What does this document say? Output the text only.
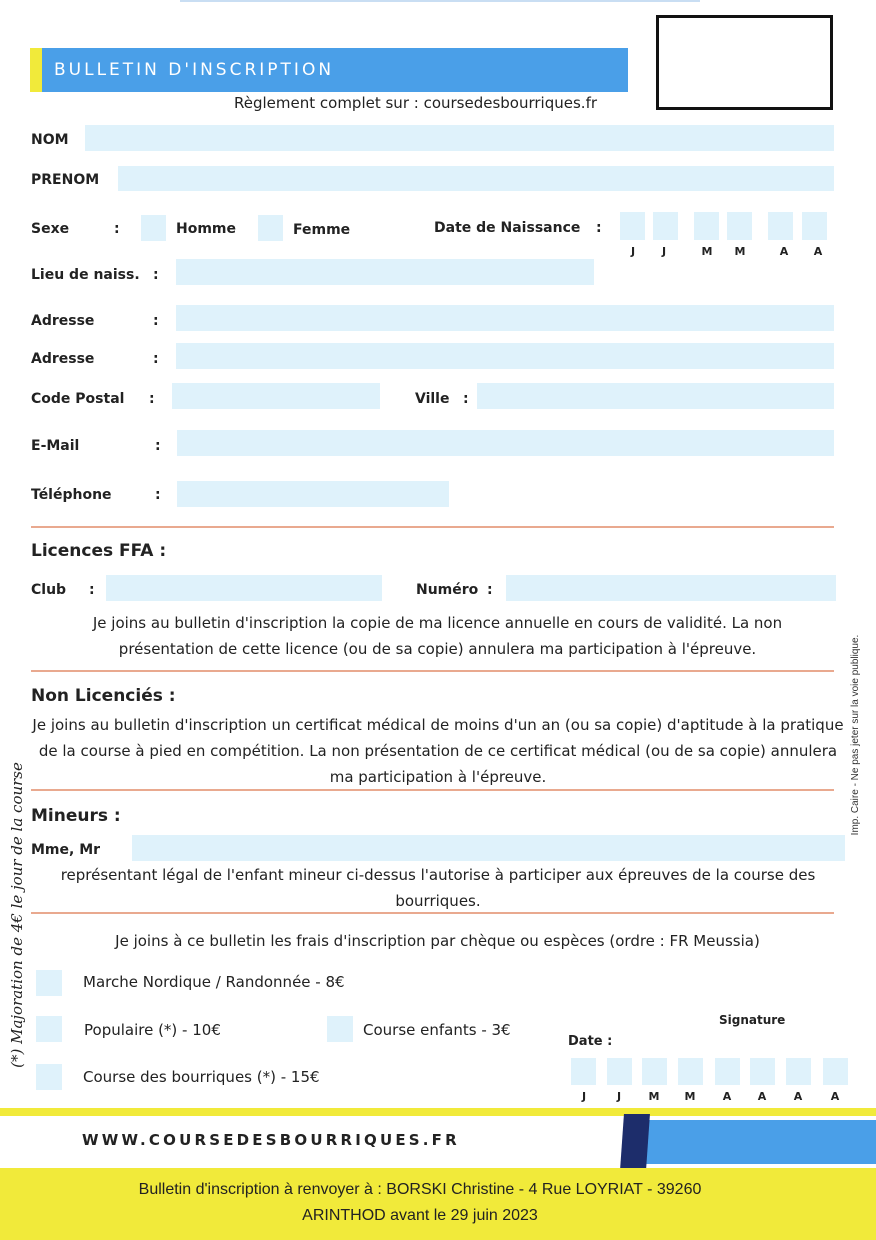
BULLETIN D'INSCRIPTION
Règlement complet sur : coursedesbourriques.fr
NOM
PRENOM
Sexe	:	Homme	Femme	Date de Naissance :
J	J	M	M	A	A
Lieu de naiss. :
Adresse	:
Adresse	:
Code Postal :	Ville :
E-Mail	:
Téléphone	:
Licences FFA :
Club :	Numéro :
Je joins au bulletin d'inscription la copie de ma licence annuelle en cours de validité. La non présentation de cette licence (ou de sa copie) annulera ma participation à l'épreuve.
Non Licenciés :
Je joins au bulletin d'inscription un certificat médical de moins d'un an (ou sa copie) d'aptitude à la pratique de la course à pied en compétition. La non présentation de ce certificat médical (ou de sa copie) annulera ma participation à l'épreuve.
Mineurs :
Mme, Mr
représentant légal de l'enfant mineur ci-dessus l'autorise à participer aux épreuves de la course des bourriques.
Je joins à ce bulletin les frais d'inscription par chèque ou espèces (ordre : FR Meussia)
Marche Nordique / Randonnée - 8€
Populaire (*) - 10€	Course enfants - 3€
Course des bourriques (*) - 15€
Signature
Date :
J	J	M	M	A	A	A	A
(*) Majoration de 4€ le jour de la course
Imp. Caire - Ne pas jeter sur la voie publique.
WWW.COURSEDESBOURRIQUES.FR
Bulletin d'inscription à renvoyer à : BORSKI Christine - 4 Rue LOYRIAT - 39260
ARINTHOD avant le 29 juin 2023
